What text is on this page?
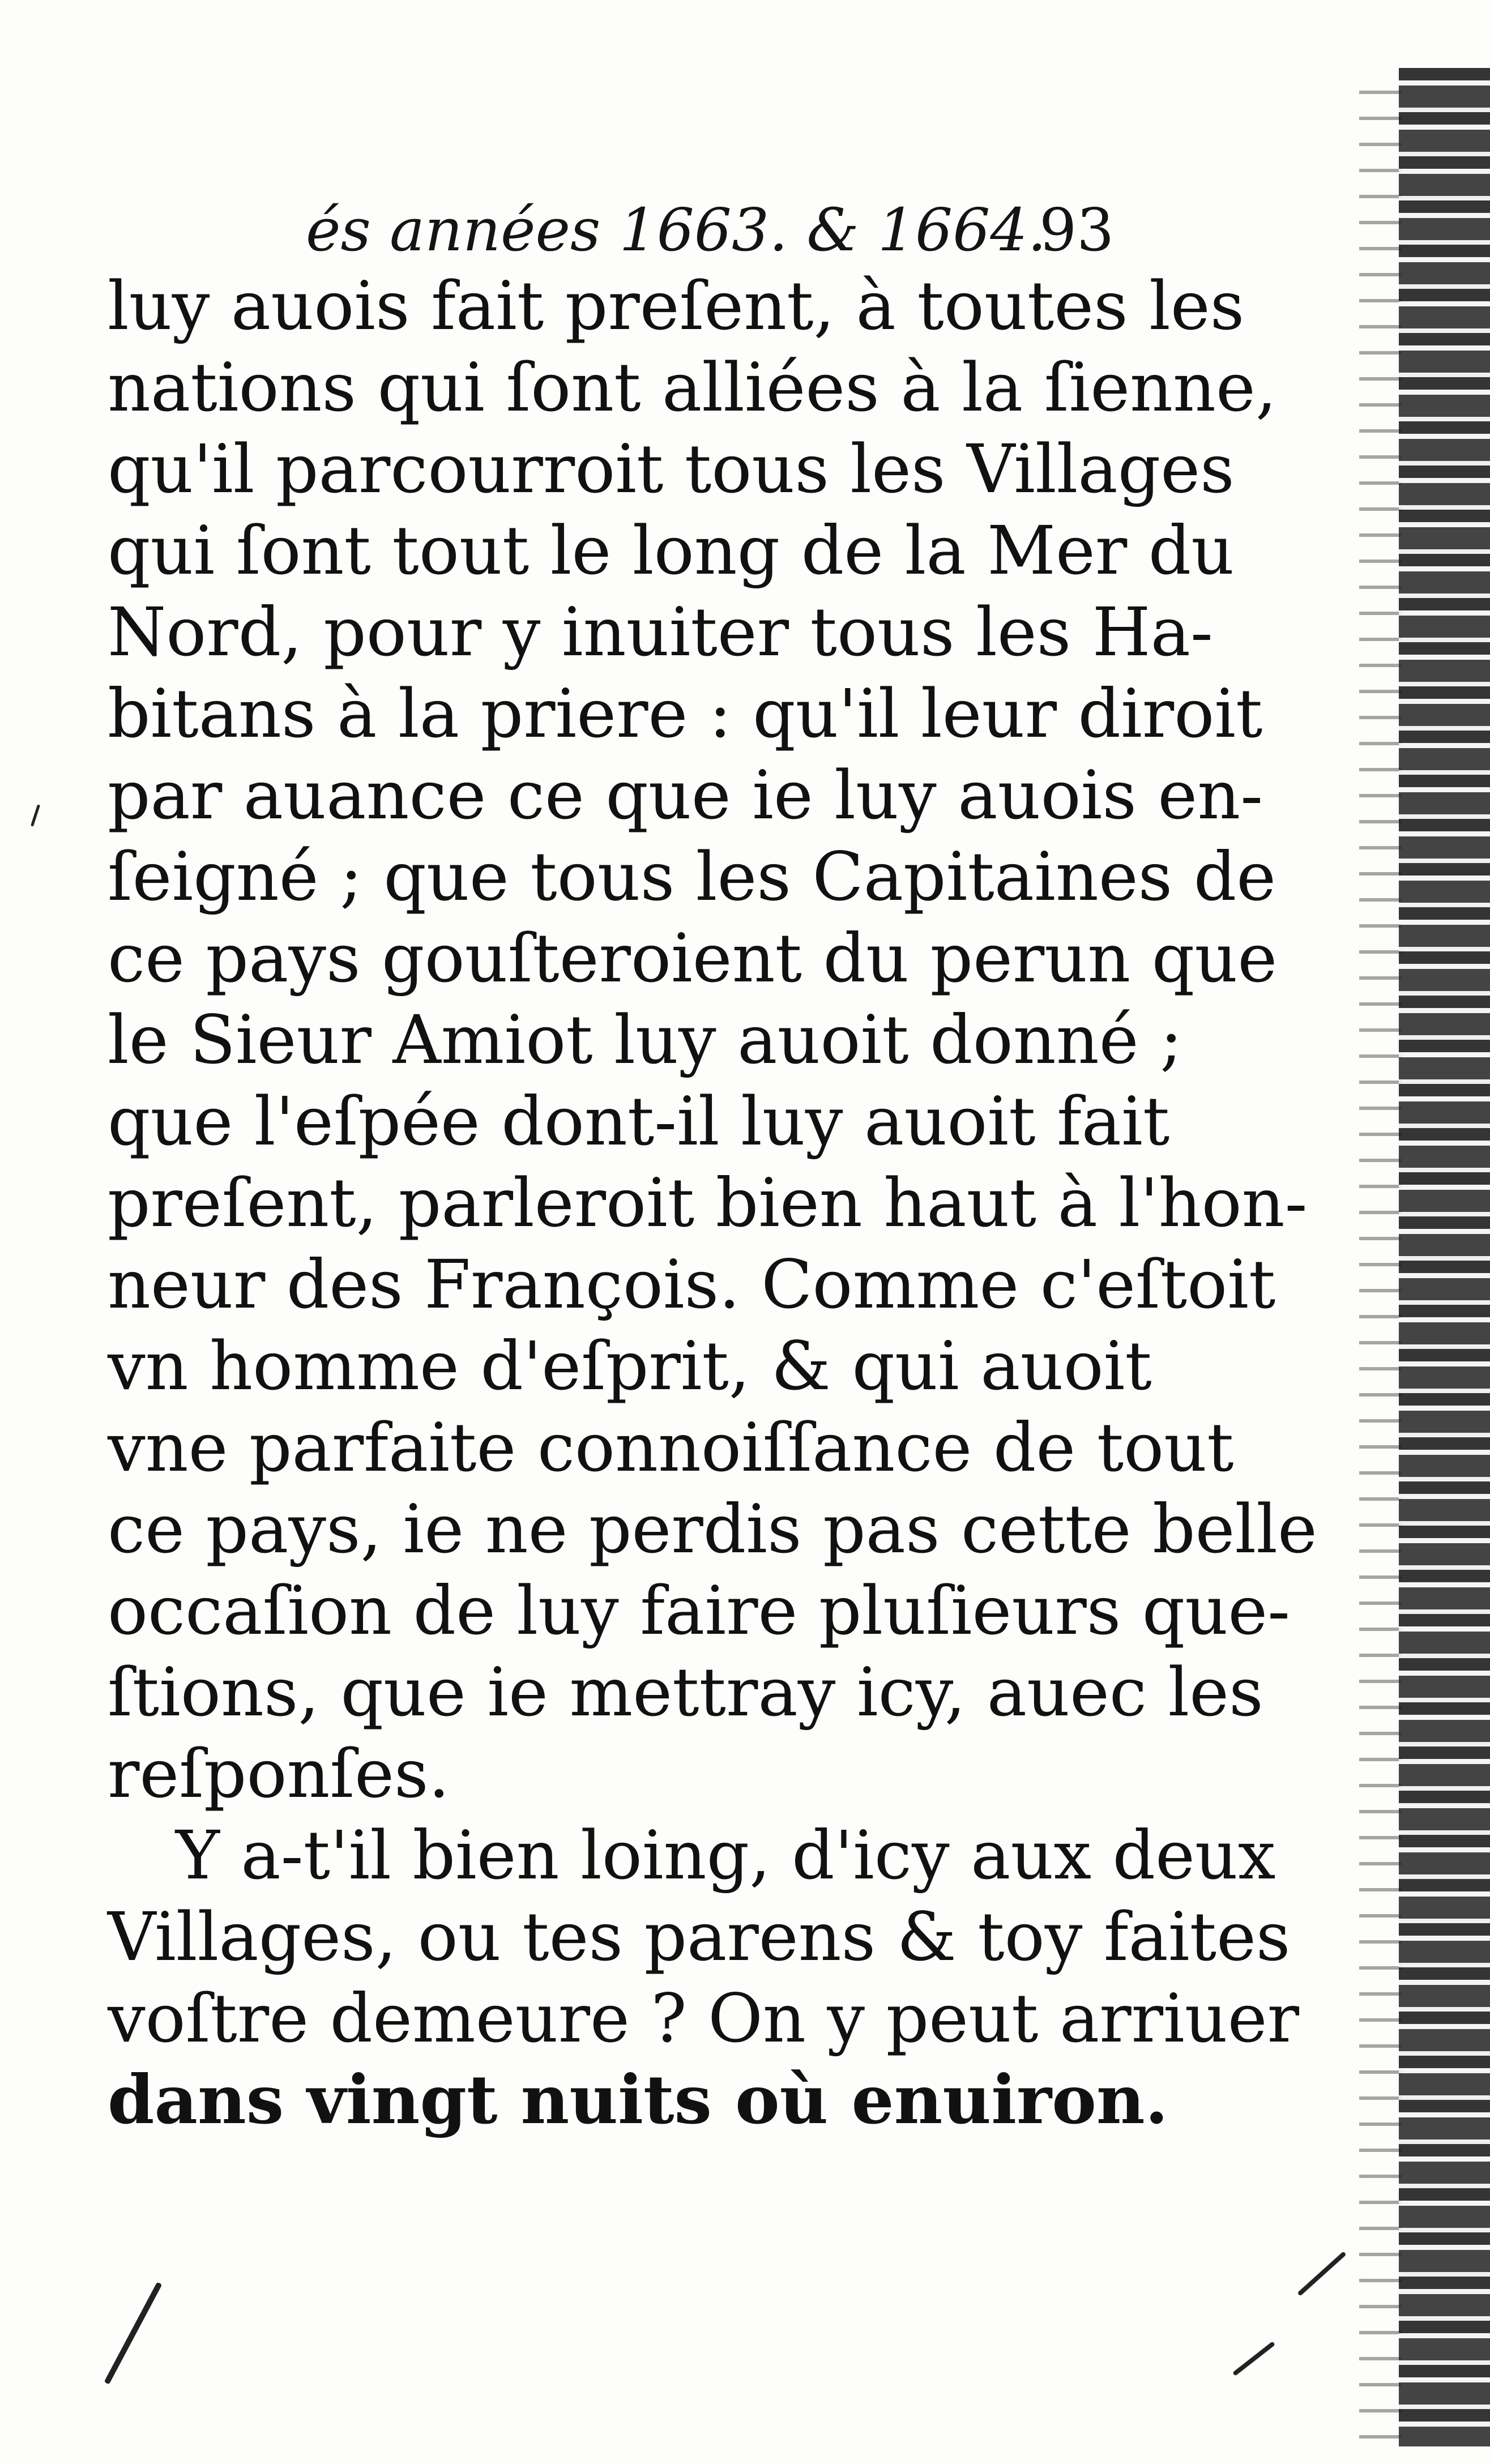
és années 1663. & 1664.
93
luy auois fait preſent, à toutes les
nations qui ſont alliées à la ſienne,
qu'il parcourroit tous les Villages
qui ſont tout le long de la Mer du
Nord, pour y inuiter tous les Ha-
bitans à la priere : qu'il leur diroit
par auance ce que ie luy auois en-
ſeigné ; que tous les Capitaines de
ce pays gouſteroient du perun que
le Sieur Amiot luy auoit donné ;
que l'eſpée dont-il luy auoit fait
preſent, parleroit bien haut à l'hon-
neur des François. Comme c'eſtoit
vn homme d'eſprit, & qui auoit
vne parfaite connoiſſance de tout
ce pays, ie ne perdis pas cette belle
occaſion de luy faire pluſieurs que-
ſtions, que ie mettray icy, auec les
reſponſes.
Y a-t'il bien loing, d'icy aux deux
Villages, ou tes parens & toy faites
voſtre demeure ? On y peut arriuer
dans vingt nuits où enuiron.
